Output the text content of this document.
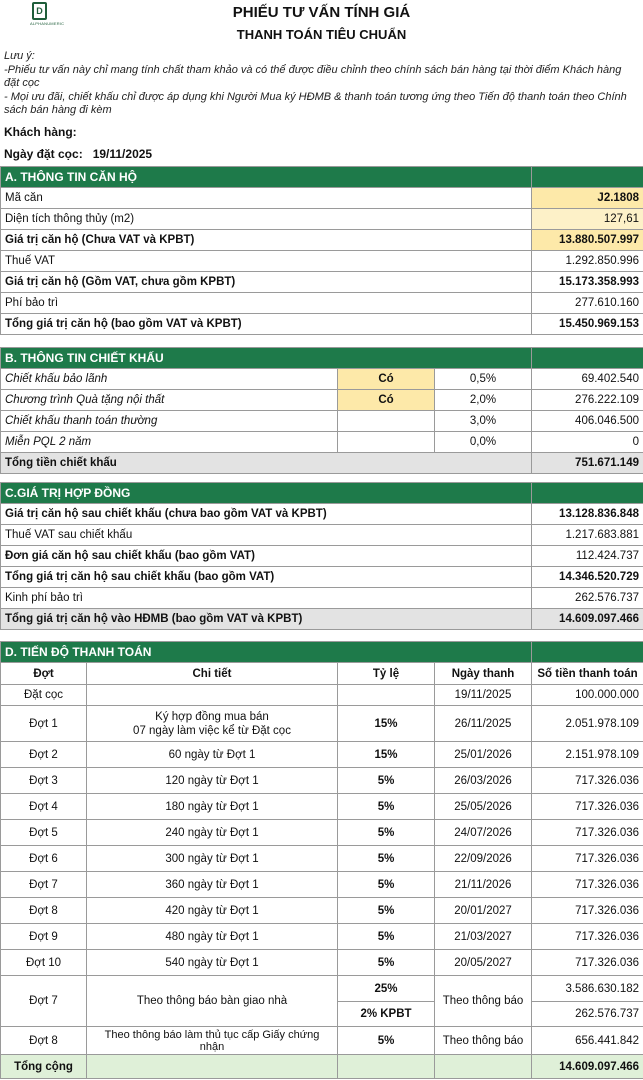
D
ALPHANUMERIC
PHIẾU TƯ VẤN TÍNH GIÁ
THANH TOÁN TIÊU CHUẨN
Lưu ý:
-Phiếu tư vấn này chỉ mang tính chất tham khảo và có thể được điều chỉnh theo chính sách bán hàng tại thời điểm Khách hàng đặt cọc
- Mọi ưu đãi, chiết khấu chỉ được áp dụng khi Người Mua ký HĐMB & thanh toán tương ứng theo Tiến độ thanh toán theo Chính sách bán hàng đi kèm
Khách hàng:
Ngày đặt cọc: 19/11/2025
A. THÔNG TIN CĂN HỘ	
Mã căn	J2.1808
Diện tích thông thủy (m2)	127,61
Giá trị căn hộ (Chưa VAT và KPBT)	13.880.507.997
Thuế VAT	1.292.850.996
Giá trị căn hộ (Gồm VAT, chưa gồm KPBT)	15.173.358.993
Phí bảo trì	277.610.160
Tổng giá trị căn hộ (bao gồm VAT và KPBT)	15.450.969.153
B. THÔNG TIN CHIẾT KHẤU			
Chiết khấu bảo lãnh	Có	0,5%	69.402.540
Chương trình Quà tặng nội thất	Có	2,0%	276.222.109
Chiết khấu thanh toán thường		3,0%	406.046.500
Miễn PQL 2 năm		0,0%	0
Tổng tiền chiết khấu			751.671.149
C.GIÁ TRỊ HỢP ĐỒNG	
Giá trị căn hộ sau chiết khấu (chưa bao gồm VAT và KPBT)	13.128.836.848
Thuế VAT sau chiết khấu	1.217.683.881
Đơn giá căn hộ sau chiết khấu (bao gồm VAT)	112.424.737
Tổng giá trị căn hộ sau chiết khấu (bao gồm VAT)	14.346.520.729
Kinh phí bảo trì	262.576.737
Tổng giá trị căn hộ vào HĐMB (bao gồm VAT và KPBT)	14.609.097.466
D. TIẾN ĐỘ THANH TOÁN				
Đợt	Chi tiết	Tỷ lệ	Ngày thanh	Số tiền thanh toán
Đặt cọc			19/11/2025	100.000.000
Đợt 1	Ký hợp đồng mua bán
07 ngày làm việc kể từ Đặt cọc	15%	26/11/2025	2.051.978.109
Đợt 2	60 ngày từ Đợt 1	15%	25/01/2026	2.151.978.109
Đợt 3	120 ngày từ Đợt 1	5%	26/03/2026	717.326.036
Đợt 4	180 ngày từ Đợt 1	5%	25/05/2026	717.326.036
Đợt 5	240 ngày từ Đợt 1	5%	24/07/2026	717.326.036
Đợt 6	300 ngày từ Đợt 1	5%	22/09/2026	717.326.036
Đợt 7	360 ngày từ Đợt 1	5%	21/11/2026	717.326.036
Đợt 8	420 ngày từ Đợt 1	5%	20/01/2027	717.326.036
Đợt 9	480 ngày từ Đợt 1	5%	21/03/2027	717.326.036
Đợt 10	540 ngày từ Đợt 1	5%	20/05/2027	717.326.036
Đợt 7	Theo thông báo bàn giao nhà	25%	Theo thông báo	3.586.630.182
		2% KPBT		262.576.737
Đợt 8	Theo thông báo làm thủ tục cấp Giấy chứng nhận	5%	Theo thông báo	656.441.842
Tổng cộng				14.609.097.466
